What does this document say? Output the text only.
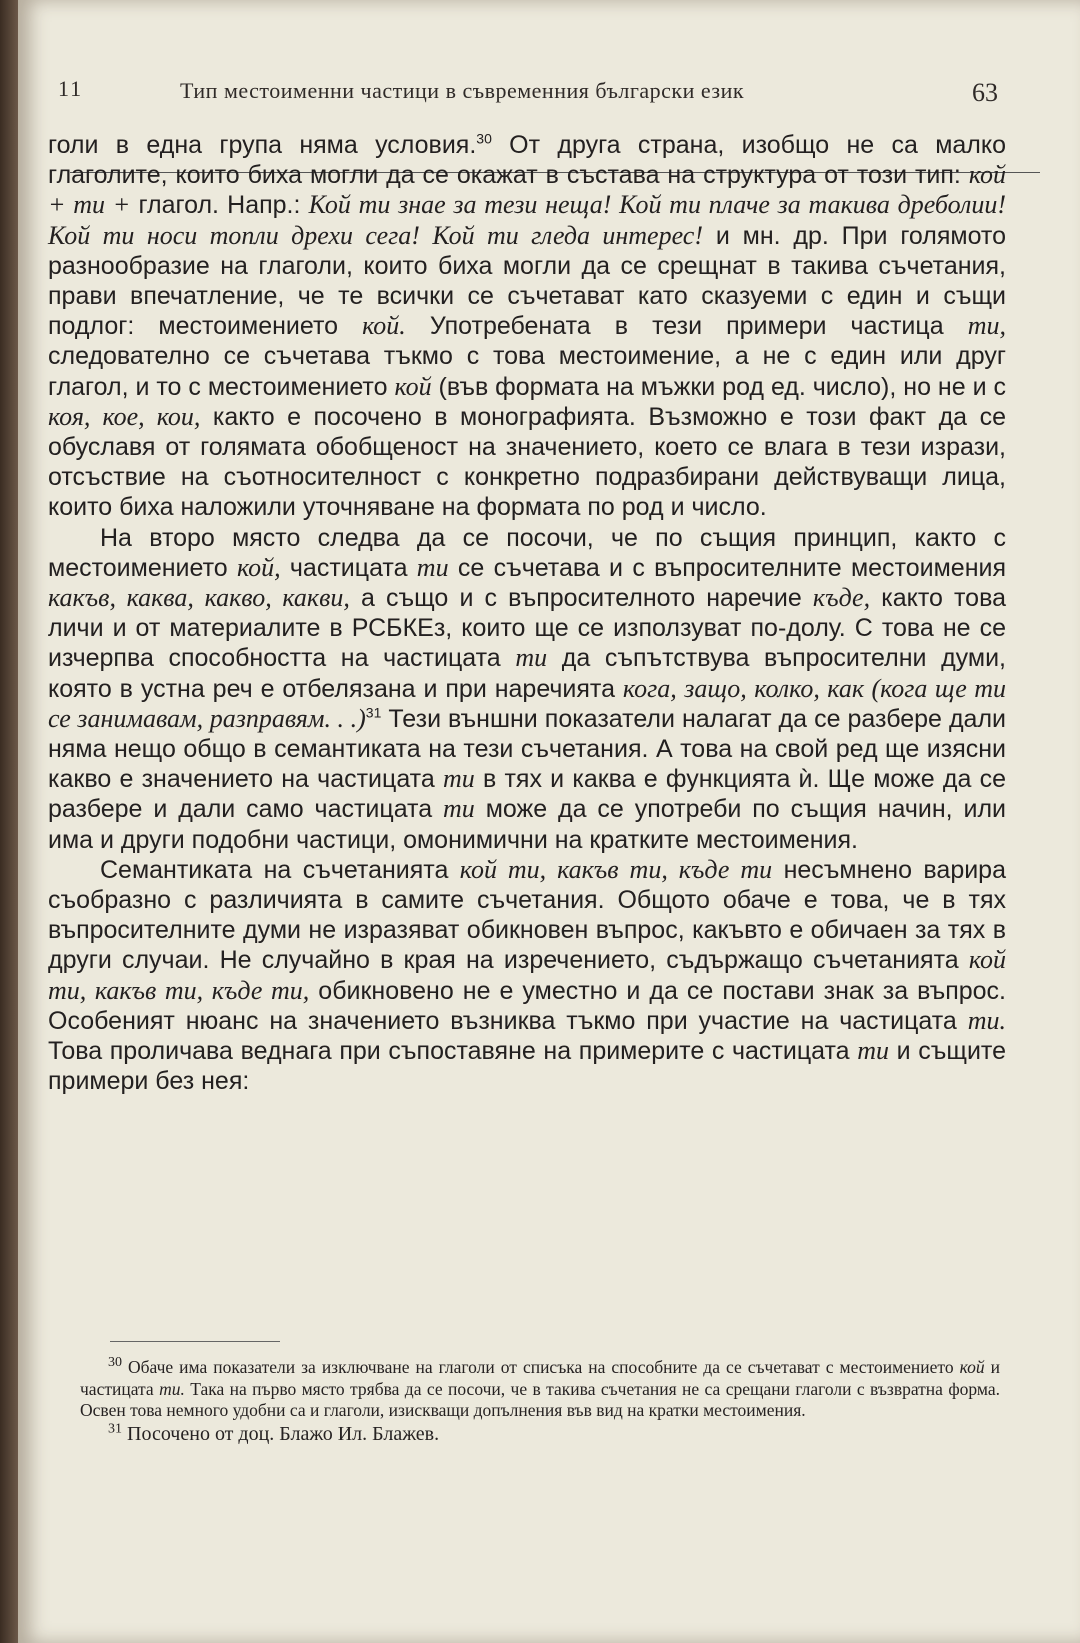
11	Тип местоименни частици в съвременния български език	63

голи в една група няма условия.$^{30}$ От друга страна, изобщо не са малко глаголите, които биха могли да се окажат в състава на структура от този тип: кой + ти + глагол. Напр.: Кой ти знае за тези неща! Кой ти плаче за такива дреболии! Кой ти носи топли дрехи сега! Кой ти гледа интерес! и мн. др. При голямото разнообразие на глаголи, които биха могли да се срещнат в такива съчетания, прави впечатление, че те всички се съчетават като сказуеми с един и същи подлог: местоимението кой. Употребената в тези примери частица ти, следователно се съчетава тъкмо с това местоимение, а не с един или друг глагол, и то с местоимението кой (във формата на мъжки род ед. число), но не и с коя, кое, кои, както е посочено в монографията. Възможно е този факт да се обуславя от голямата обобщеност на значението, което се влага в тези изрази, отсъствие на съотносителност с конкретно подразбирани действуващи лица, които биха наложили уточняване на формата по род и число.

На второ място следва да се посочи, че по същия принцип, както с местоимението кой, частицата ти се съчетава и с въпросителните местоимения какъв, каква, какво, какви, а също и с въпросителното наречие къде, както това личи и от материалите в РСБКЕз, които ще се използуват по-долу. С това не се изчерпва способността на частицата ти да съпътствува въпросителни думи, която в устна реч е отбелязана и при наречията кога, защо, колко, как (кога ще ти се занимавам, разправям. . .)$^{31}$ Тези външни показатели налагат да се разбере дали няма нещо общо в семантиката на тези съчетания. А това на свой ред ще изясни какво е значението на частицата ти в тях и каква е функцията ѝ. Ще може да се разбере и дали само частицата ти може да се употреби по същия начин, или има и други подобни частици, омонимични на кратките местоимения.

Семантиката на съчетанията кой ти, какъв ти, къде ти несъмнено варира съобразно с различията в самите съчетания. Общото обаче е това, че в тях въпросителните думи не изразяват обикновен въпрос, какъвто е обичаен за тях в други случаи. Не случайно в края на изречението, съдържащо съчетанията кой ти, какъв ти, къде ти, обикновено не е уместно и да се постави знак за въпрос. Особеният нюанс на значението възниква тъкмо при участие на частицата ти. Това проличава веднага при съпоставяне на примерите с частицата ти и същите примери без нея:

$^{30}$ Обаче има показатели за изключване на глаголи от списъка на способните да се съчетават с местоимението кой и частицата ти. Така на първо място трябва да се посочи, че в такива съчетания не са срещани глаголи с възвратна форма. Освен това немного удобни са и глаголи, изискващи допълнения във вид на кратки местоимения.

$^{31}$ Посочено от доц. Блажо Ил. Блажев.
